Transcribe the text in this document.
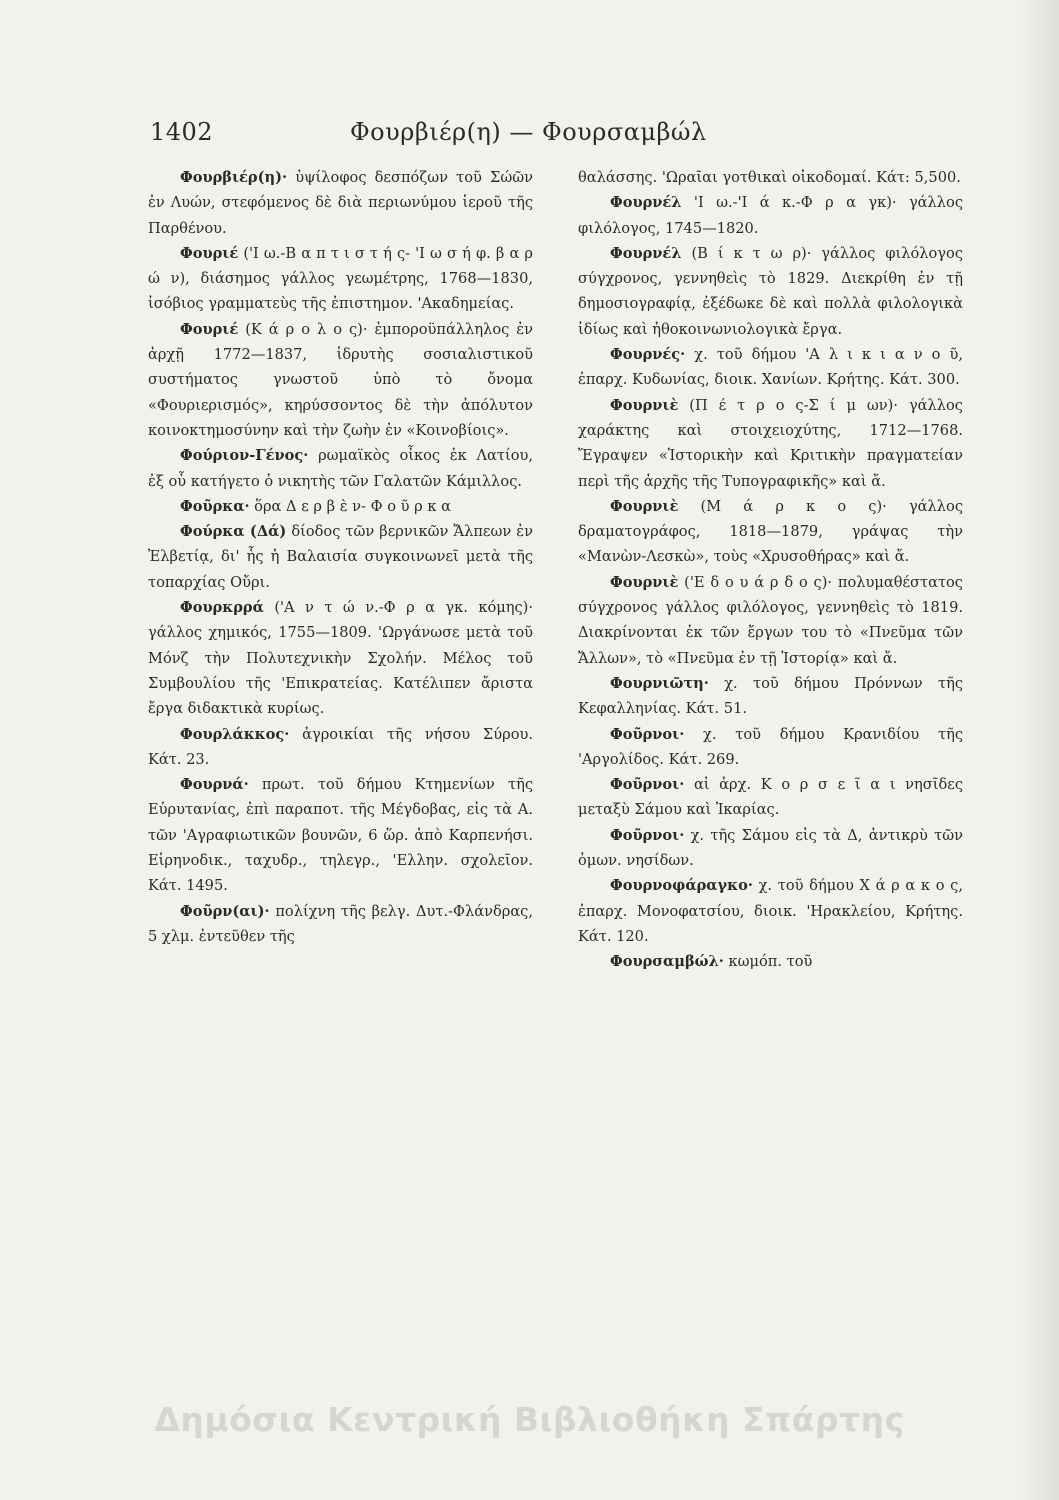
1402	Φουρβιέρ(η) — Φουρσαμβώλ

Φουρβιέρ(η)· ὑψίλοφος δεσπόζων τοῦ Σώῶν ἐν Λυών, στεφόμενος δὲ διὰ περιωνύμου ἱεροῦ τῆς Παρθένου.

Φουριέ ('Ι ω.-Β α π τ ι σ τ ή ς- 'Ι ω σ ή φ. β α ρ ώ ν), διάσημος γάλλος γεωμέτρης, 1768—1830, ἰσόβιος γραμματεὺς τῆς ἐπιστημον. 'Ακαδημείας.

Φουριέ (Κ ά ρ ο λ ο ς)· ἐμποροϋπάλληλος ἐν ἀρχῇ 1772—1837, ἱδρυτὴς σοσιαλιστικοῦ συστήματος γνωστοῦ ὑπὸ τὸ ὄνομα «Φουριερισμός», κηρύσσοντος δὲ τὴν ἀπόλυτον κοινοκτημοσύνην καὶ τὴν ζωὴν ἐν «Κοινοβίοις».

Φούριον-Γένος· ρωμαϊκὸς οἶκος ἐκ Λατίου, ἐξ οὗ κατήγετο ὁ νικητὴς τῶν Γαλατῶν Κάμιλλος.

Φοῦρκα· ὅρα Δ ε ρ β ὲ ν- Φ ο ῦ ρ κ α

Φούρκα (Δά) δίοδος τῶν βερνικῶν Ἄλπεων ἐν Ἑλβετίᾳ, δι' ἧς ἡ Βαλαισία συγκοινωνεῖ μετὰ τῆς τοπαρχίας Οὔρι.

Φουρκρρά ('Α ν τ ώ ν.-Φ ρ α γκ. κόμης)· γάλλος χημικός, 1755—1809. 'Ωργάνωσε μετὰ τοῦ Μόνζ τὴν Πολυτεχνικὴν Σχολήν. Μέλος τοῦ Συμβουλίου τῆς 'Επικρατείας. Κατέλιπεν ἄριστα ἔργα διδακτικὰ κυρίως.

Φουρλάκκος· ἀγροικίαι τῆς νήσου Σύρου. Κάτ. 23.

Φουρνά· πρωτ. τοῦ δήμου Κτημενίων τῆς Εὐρυτανίας, ἐπὶ παραποτ. τῆς Μέγδοβας, εἰς τὰ Α. τῶν 'Αγραφιωτικῶν βουνῶν, 6 ὥρ. ἀπὸ Καρπενήσι. Εἰρηνοδικ., ταχυδρ., τηλεγρ., 'Ελλην. σχολεῖον. Κάτ. 1495.

Φοῦρν(αι)· πολίχνη τῆς βελγ. Δυτ.-Φλάνδρας, 5 χλμ. ἐντεῦθεν τῆς

θαλάσσης. 'Ωραῖαι γοτθικαὶ οἰκοδομαί. Κάτ: 5,500.

Φουρνέλ 'Ι ω.-'Ι ά κ.-Φ ρ α γκ)· γάλλος φιλόλογος, 1745—1820.

Φουρνέλ (Β ί κ τ ω ρ)· γάλλος φιλόλογος σύγχρονος, γεννηθεὶς τὸ 1829. Διεκρίθη ἐν τῇ δημοσιογραφίᾳ, ἐξέδωκε δὲ καὶ πολλὰ φιλολογικὰ ἰδίως καὶ ἠθοκοινωνιολογικὰ ἔργα.

Φουρνές· χ. τοῦ δήμου 'Α λ ι κ ι α ν ο ῦ, ἐπαρχ. Κυδωνίας, διοικ. Χανίων. Κρήτης. Κάτ. 300.

Φουρνιὲ (Π έ τ ρ ο ς-Σ ί μ ων)· γάλλος χαράκτης καὶ στοιχειοχύτης, 1712—1768. Ἔγραψεν «Ἱστορικὴν καὶ Κριτικὴν πραγματείαν περὶ τῆς ἀρχῆς τῆς Τυπογραφικῆς» καὶ ἄ.

Φουρνιὲ (Μ ά ρ κ ο ς)· γάλλος δραματογράφος, 1818—1879, γράψας τὴν «Μανὼν-Λεσκὼ», τοὺς «Χρυσοθήρας» καὶ ἄ.

Φουρνιὲ ('Ε δ ο υ ά ρ δ ο ς)· πολυμαθέστατος σύγχρονος γάλλος φιλόλογος, γεννηθεὶς τὸ 1819. Διακρίνονται ἐκ τῶν ἔργων του τὸ «Πνεῦμα τῶν Ἄλλων», τὸ «Πνεῦμα ἐν τῇ Ἱστορίᾳ» καὶ ἄ.

Φουρνιῶτη· χ. τοῦ δήμου Πρόννων τῆς Κεφαλληνίας. Κάτ. 51.

Φοῦρνοι· χ. τοῦ δήμου Κρανιδίου τῆς 'Αργολίδος. Κάτ. 269.

Φοῦρνοι· αἱ ἀρχ. Κ ο ρ σ ε ῖ α ι νησῖδες μεταξὺ Σάμου καὶ Ἰκαρίας.

Φοῦρνοι· χ. τῆς Σάμου εἰς τὰ Δ, ἀντικρὺ τῶν ὁμων. νησίδων.

Φουρνοφάραγκο· χ. τοῦ δήμου Χ ά ρ α κ ο ς, ἐπαρχ. Μονοφατσίου, διοικ. 'Ηρακλείου, Κρήτης. Κάτ. 120.

Φουρσαμβώλ· κωμόπ. τοῦ

Δημόσια Κεντρική Βιβλιοθήκη Σπάρτης
